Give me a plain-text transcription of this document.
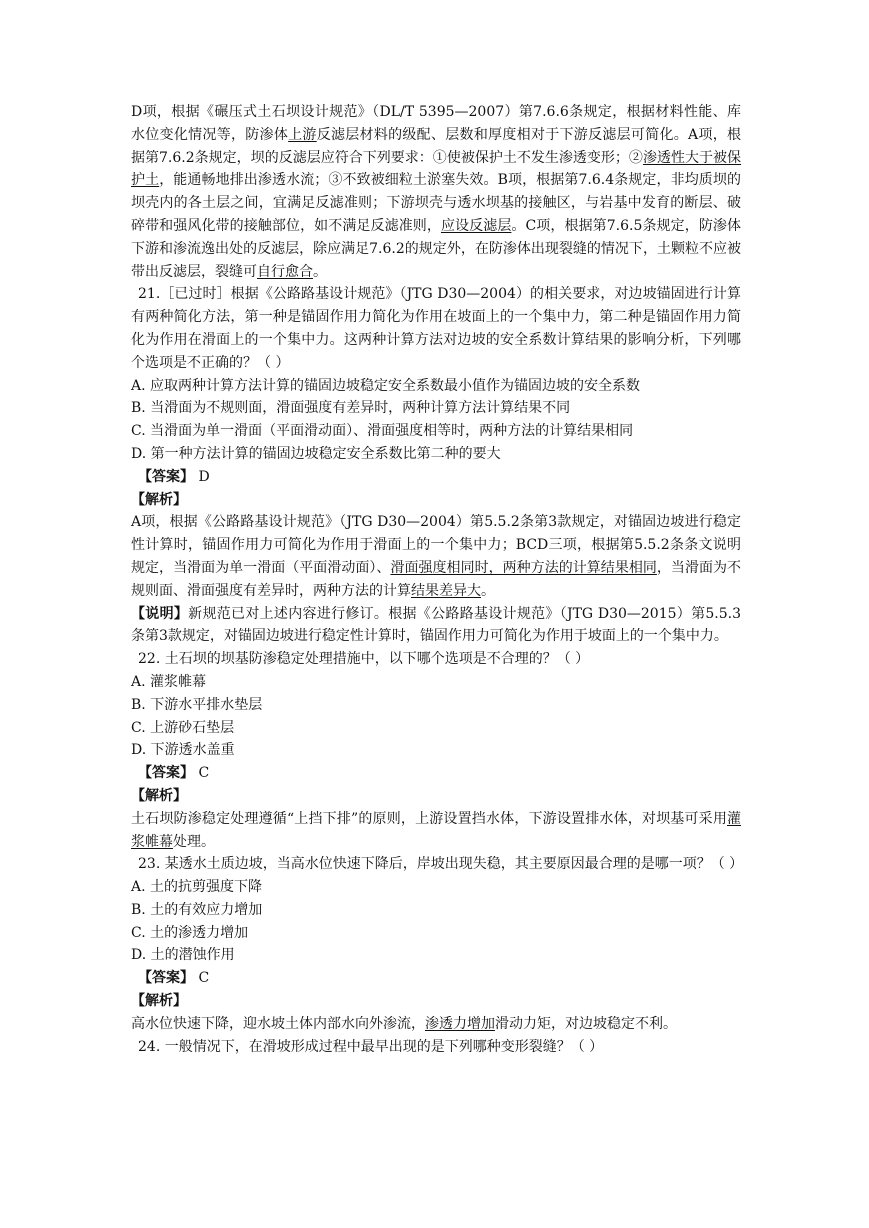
D项，根据《碾压式土石坝设计规范》（DL/T 5395—2007）第7.6.6条规定，根据材料性能、库水位变化情况等，防渗体上游反滤层材料的级配、层数和厚度相对于下游反滤层可简化。A项，根据第7.6.2条规定，坝的反滤层应符合下列要求：①使被保护土不发生渗透变形；②渗透性大于被保护土，能通畅地排出渗透水流；③不致被细粒土淤塞失效。B项，根据第7.6.4条规定，非均质坝的坝壳内的各土层之间，宜满足反滤准则；下游坝壳与透水坝基的接触区，与岩基中发育的断层、破碎带和强风化带的接触部位，如不满足反滤准则，应设反滤层。C项，根据第7.6.5条规定，防渗体下游和渗流逸出处的反滤层，除应满足7.6.2的规定外，在防渗体出现裂缝的情况下，土颗粒不应被带出反滤层，裂缝可自行愈合。

21.［已过时］根据《公路路基设计规范》（JTG D30—2004）的相关要求，对边坡锚固进行计算有两种简化方法，第一种是锚固作用力简化为作用在坡面上的一个集中力，第二种是锚固作用力简化为作用在滑面上的一个集中力。这两种计算方法对边坡的安全系数计算结果的影响分析，下列哪个选项是不正确的？（ ）

A. 应取两种计算方法计算的锚固边坡稳定安全系数最小值作为锚固边坡的安全系数

B. 当滑面为不规则面，滑面强度有差异时，两种计算方法计算结果不同

C. 当滑面为单一滑面（平面滑动面）、滑面强度相等时，两种方法的计算结果相同

D. 第一种方法计算的锚固边坡稳定安全系数比第二种的要大

【答案】 D

【解析】

A项，根据《公路路基设计规范》（JTG D30—2004）第5.5.2条第3款规定，对锚固边坡进行稳定性计算时，锚固作用力可简化为作用于滑面上的一个集中力；BCD三项，根据第5.5.2条条文说明规定，当滑面为单一滑面（平面滑动面）、滑面强度相同时，两种方法的计算结果相同，当滑面为不规则面、滑面强度有差异时，两种方法的计算结果差异大。

【说明】新规范已对上述内容进行修订。根据《公路路基设计规范》（JTG D30—2015）第5.5.3条第3款规定，对锚固边坡进行稳定性计算时，锚固作用力可简化为作用于坡面上的一个集中力。

22. 土石坝的坝基防渗稳定处理措施中，以下哪个选项是不合理的？（ ）

A. 灌浆帷幕

B. 下游水平排水垫层

C. 上游砂石垫层

D. 下游透水盖重

【答案】 C

【解析】

土石坝防渗稳定处理遵循“上挡下排”的原则，上游设置挡水体，下游设置排水体，对坝基可采用灌浆帷幕处理。

23. 某透水土质边坡，当高水位快速下降后，岸坡出现失稳，其主要原因最合理的是哪一项？（ ）

A. 土的抗剪强度下降

B. 土的有效应力增加

C. 土的渗透力增加

D. 土的潜蚀作用

【答案】 C

【解析】

高水位快速下降，迎水坡土体内部水向外渗流，渗透力增加滑动力矩，对边坡稳定不利。

24. 一般情况下，在滑坡形成过程中最早出现的是下列哪种变形裂缝？（ ）
